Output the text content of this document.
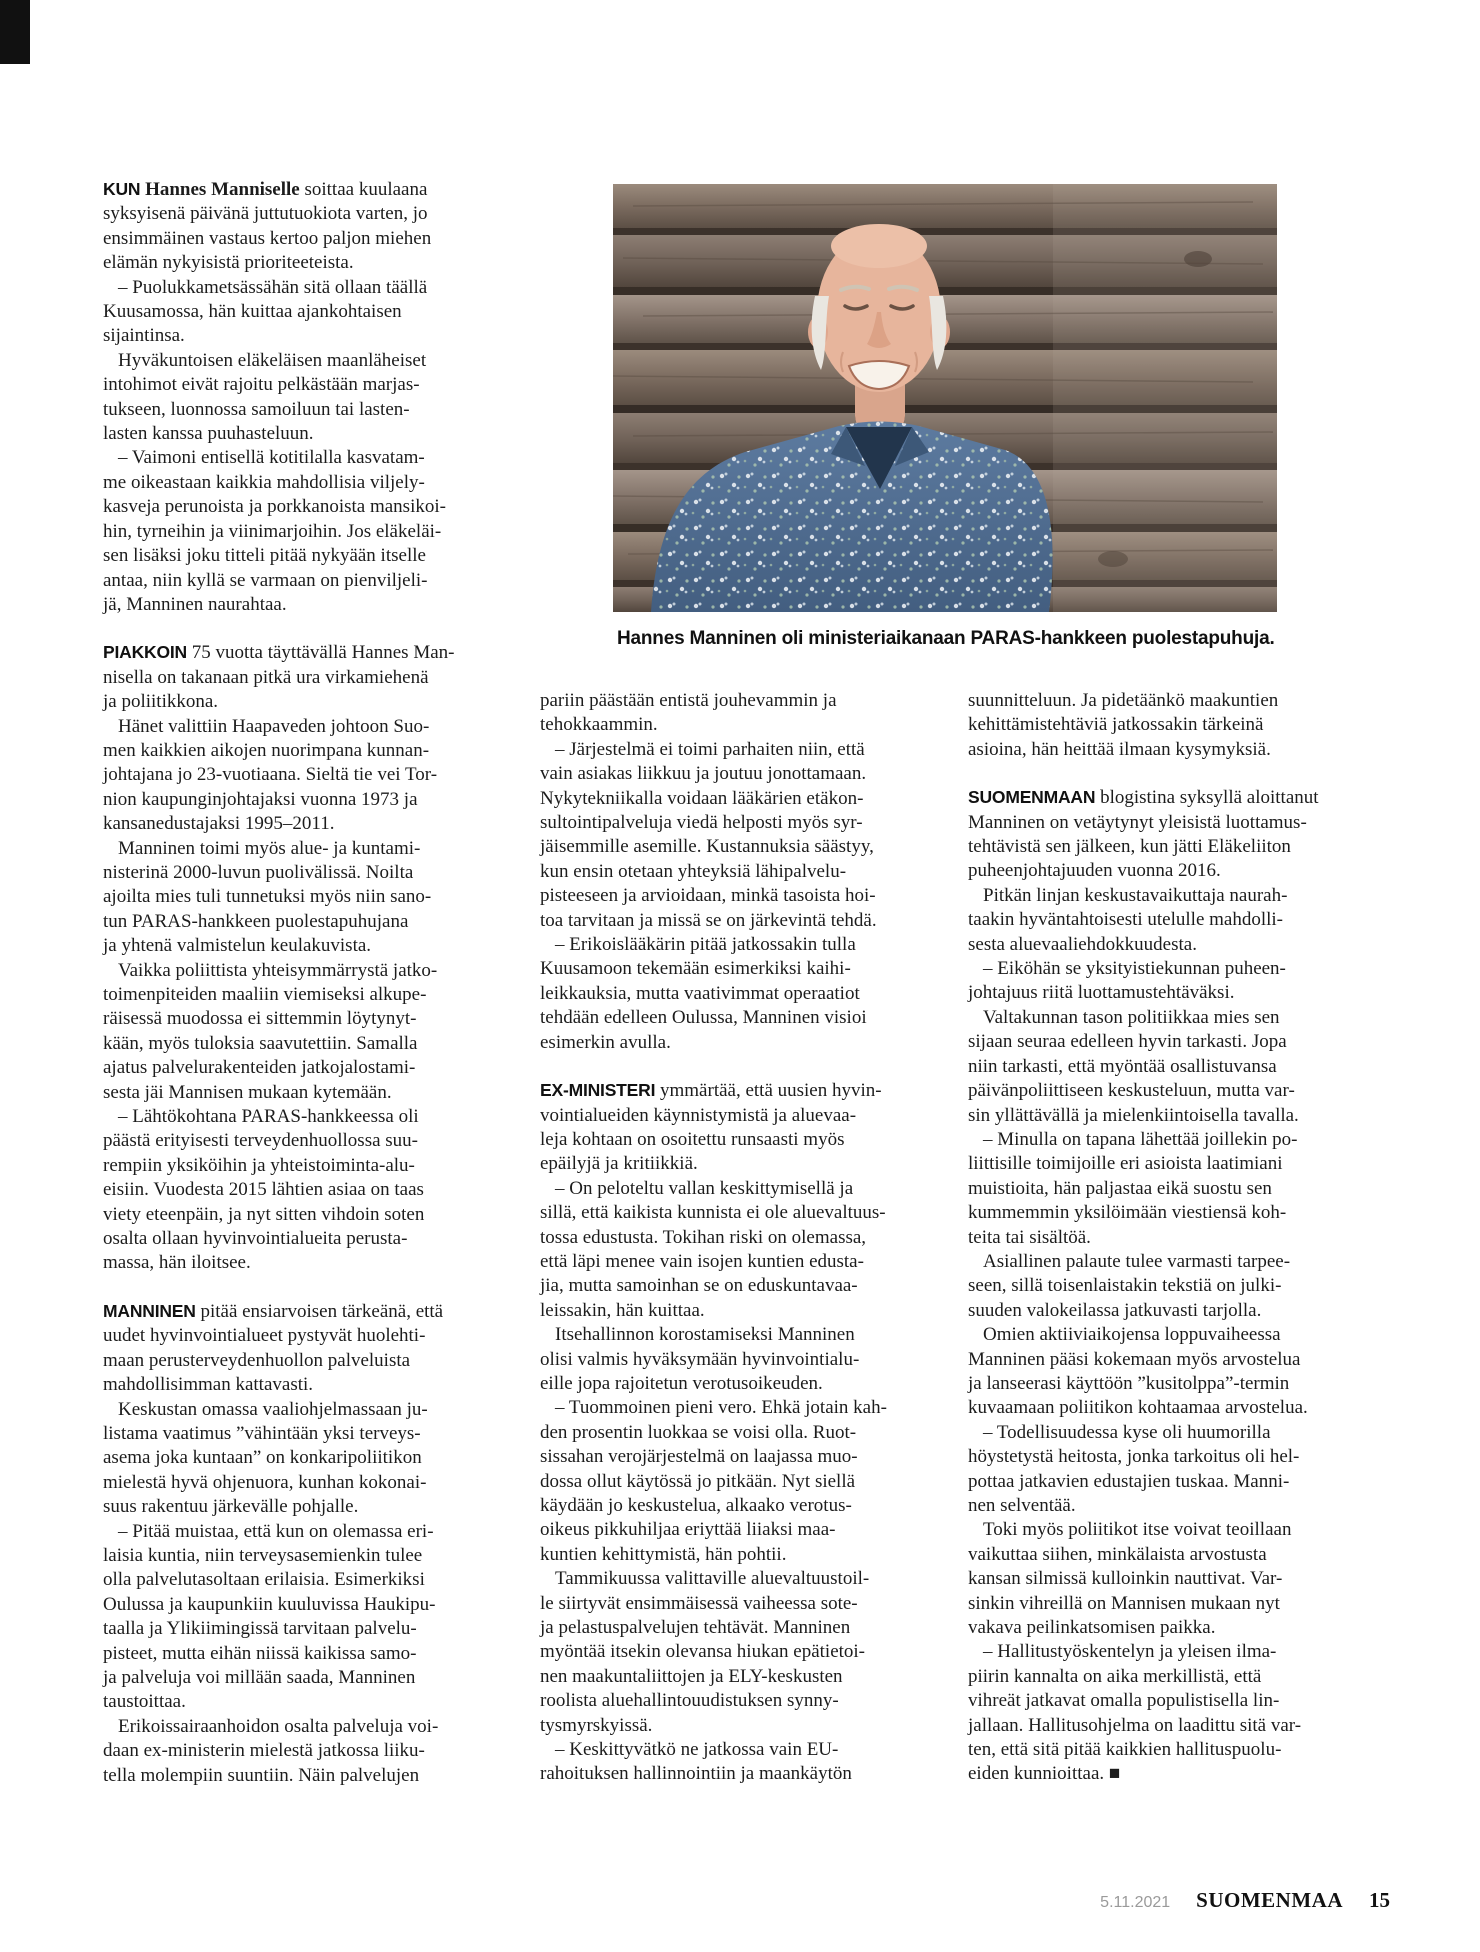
KUN Hannes Manniselle soittaa kuulaana
syksyisenä päivänä juttutuokiota varten, jo
ensimmäinen vastaus kertoo paljon miehen
elämän nykyisistä prioriteeteista.

– Puolukkametsässähän sitä ollaan täällä
Kuusamossa, hän kuittaa ajankohtaisen
sijaintinsa.

Hyväkuntoisen eläkeläisen maanläheiset
intohimot eivät rajoitu pelkästään marjas-
tukseen, luonnossa samoiluun tai lasten-
lasten kanssa puuhasteluun.

– Vaimoni entisellä kotitilalla kasvatam-
me oikeastaan kaikkia mahdollisia viljely-
kasveja perunoista ja porkkanoista mansikoi-
hin, tyrneihin ja viinimarjoihin. Jos eläkeläi-
sen lisäksi joku titteli pitää nykyään itselle
antaa, niin kyllä se varmaan on pienviljeli-
jä, Manninen naurahtaa.

PIAKKOIN 75 vuotta täyttävällä Hannes Man-
nisella on takanaan pitkä ura virkamiehenä
ja poliitikkona.

Hänet valittiin Haapaveden johtoon Suo-
men kaikkien aikojen nuorimpana kunnan-
johtajana jo 23-vuotiaana. Sieltä tie vei Tor-
nion kaupunginjohtajaksi vuonna 1973 ja
kansanedustajaksi 1995–2011.

Manninen toimi myös alue- ja kuntami-
nisterinä 2000-luvun puolivälissä. Noilta
ajoilta mies tuli tunnetuksi myös niin sano-
tun PARAS-hankkeen puolestapuhujana
ja yhtenä valmistelun keulakuvista.

Vaikka poliittista yhteisymmärrystä jatko-
toimenpiteiden maaliin viemiseksi alkupe-
räisessä muodossa ei sittemmin löytynyt-
kään, myös tuloksia saavutettiin. Samalla
ajatus palvelurakenteiden jatkojalostami-
sesta jäi Mannisen mukaan kytemään.

– Lähtökohtana PARAS-hankkeessa oli
päästä erityisesti terveydenhuollossa suu-
rempiin yksiköihin ja yhteistoiminta-alu-
eisiin. Vuodesta 2015 lähtien asiaa on taas
viety eteenpäin, ja nyt sitten vihdoin soten
osalta ollaan hyvinvointialueita perusta-
massa, hän iloitsee.

MANNINEN pitää ensiarvoisen tärkeänä, että
uudet hyvinvointialueet pystyvät huolehti-
maan perusterveydenhuollon palveluista
mahdollisimman kattavasti.

Keskustan omassa vaaliohjelmassaan ju-
listama vaatimus ”vähintään yksi terveys-
asema joka kuntaan” on konkaripoliitikon
mielestä hyvä ohjenuora, kunhan kokonai-
suus rakentuu järkevälle pohjalle.

– Pitää muistaa, että kun on olemassa eri-
laisia kuntia, niin terveysasemienkin tulee
olla palvelutasoltaan erilaisia. Esimerkiksi
Oulussa ja kaupunkiin kuuluvissa Haukipu-
taalla ja Ylikiimingissä tarvitaan palvelu-
pisteet, mutta eihän niissä kaikissa samo-
ja palveluja voi millään saada, Manninen
taustoittaa.

Erikoissairaanhoidon osalta palveluja voi-
daan ex-ministerin mielestä jatkossa liiku-
tella molempiin suuntiin. Näin palvelujen

pariin päästään entistä jouhevammin ja
tehokkaammin.

– Järjestelmä ei toimi parhaiten niin, että
vain asiakas liikkuu ja joutuu jonottamaan.
Nykytekniikalla voidaan lääkärien etäkon-
sultointipalveluja viedä helposti myös syr-
jäisemmille asemille. Kustannuksia säästyy,
kun ensin otetaan yhteyksiä lähipalvelu-
pisteeseen ja arvioidaan, minkä tasoista hoi-
toa tarvitaan ja missä se on järkevintä tehdä.

– Erikoislääkärin pitää jatkossakin tulla
Kuusamoon tekemään esimerkiksi kaihi-
leikkauksia, mutta vaativimmat operaatiot
tehdään edelleen Oulussa, Manninen visioi
esimerkin avulla.

EX-MINISTERI ymmärtää, että uusien hyvin-
vointialueiden käynnistymistä ja aluevaa-
leja kohtaan on osoitettu runsaasti myös
epäilyjä ja kritiikkiä.

– On peloteltu vallan keskittymisellä ja
sillä, että kaikista kunnista ei ole aluevaltuus-
tossa edustusta. Tokihan riski on olemassa,
että läpi menee vain isojen kuntien edusta-
jia, mutta samoinhan se on eduskuntavaa-
leissakin, hän kuittaa.

Itsehallinnon korostamiseksi Manninen
olisi valmis hyväksymään hyvinvointialu-
eille jopa rajoitetun verotusoikeuden.

– Tuommoinen pieni vero. Ehkä jotain kah-
den prosentin luokkaa se voisi olla. Ruot-
sissahan verojärjestelmä on laajassa muo-
dossa ollut käytössä jo pitkään. Nyt siellä
käydään jo keskustelua, alkaako verotus-
oikeus pikkuhiljaa eriyttää liiaksi maa-
kuntien kehittymistä, hän pohtii.

Tammikuussa valittaville aluevaltuustoil-
le siirtyvät ensimmäisessä vaiheessa sote-
ja pelastuspalvelujen tehtävät. Manninen
myöntää itsekin olevansa hiukan epätietoi-
nen maakuntaliittojen ja ELY-keskusten
roolista aluehallintouudistuksen synny-
tysmyrskyissä.

– Keskittyvätkö ne jatkossa vain EU-
rahoituksen hallinnointiin ja maankäytön

suunnitteluun. Ja pidetäänkö maakuntien
kehittämistehtäviä jatkossakin tärkeinä
asioina, hän heittää ilmaan kysymyksiä.

SUOMENMAAN blogistina syksyllä aloittanut
Manninen on vetäytynyt yleisistä luottamus-
tehtävistä sen jälkeen, kun jätti Eläkeliiton
puheenjohtajuuden vuonna 2016.

Pitkän linjan keskustavaikuttaja naurah-
taakin hyväntahtoisesti utelulle mahdolli-
sesta aluevaaliehdokkuudesta.

– Eiköhän se yksityistiekunnan puheen-
johtajuus riitä luottamustehtäväksi.

Valtakunnan tason politiikkaa mies sen
sijaan seuraa edelleen hyvin tarkasti. Jopa
niin tarkasti, että myöntää osallistuvansa
päivänpoliittiseen keskusteluun, mutta var-
sin yllättävällä ja mielenkiintoisella tavalla.

– Minulla on tapana lähettää joillekin po-
liittisille toimijoille eri asioista laatimiani
muistioita, hän paljastaa eikä suostu sen
kummemmin yksilöimään viestiensä koh-
teita tai sisältöä.

Asiallinen palaute tulee varmasti tarpee-
seen, sillä toisenlaistakin tekstiä on julki-
suuden valokeilassa jatkuvasti tarjolla.

Omien aktiiviaikojensa loppuvaiheessa
Manninen pääsi kokemaan myös arvostelua
ja lanseerasi käyttöön ”kusitolppa”-termin
kuvaamaan poliitikon kohtaamaa arvostelua.

– Todellisuudessa kyse oli huumorilla
höystetystä heitosta, jonka tarkoitus oli hel-
pottaa jatkavien edustajien tuskaa. Manni-
nen selventää.

Toki myös poliitikot itse voivat teoillaan
vaikuttaa siihen, minkälaista arvostusta
kansan silmissä kulloinkin nauttivat. Var-
sinkin vihreillä on Mannisen mukaan nyt
vakava peilinkatsomisen paikka.

– Hallitustyöskentelyn ja yleisen ilma-
piirin kannalta on aika merkillistä, että
vihreät jatkavat omalla populistisella lin-
jallaan. Hallitusohjelma on laadittu sitä var-
ten, että sitä pitää kaikkien hallituspuolu-
eiden kunnioittaa. ■

Hannes Manninen oli ministeriaikanaan PARAS-hankkeen puolestapuhuja.
5.11.2021 SUOMENMAA 15
